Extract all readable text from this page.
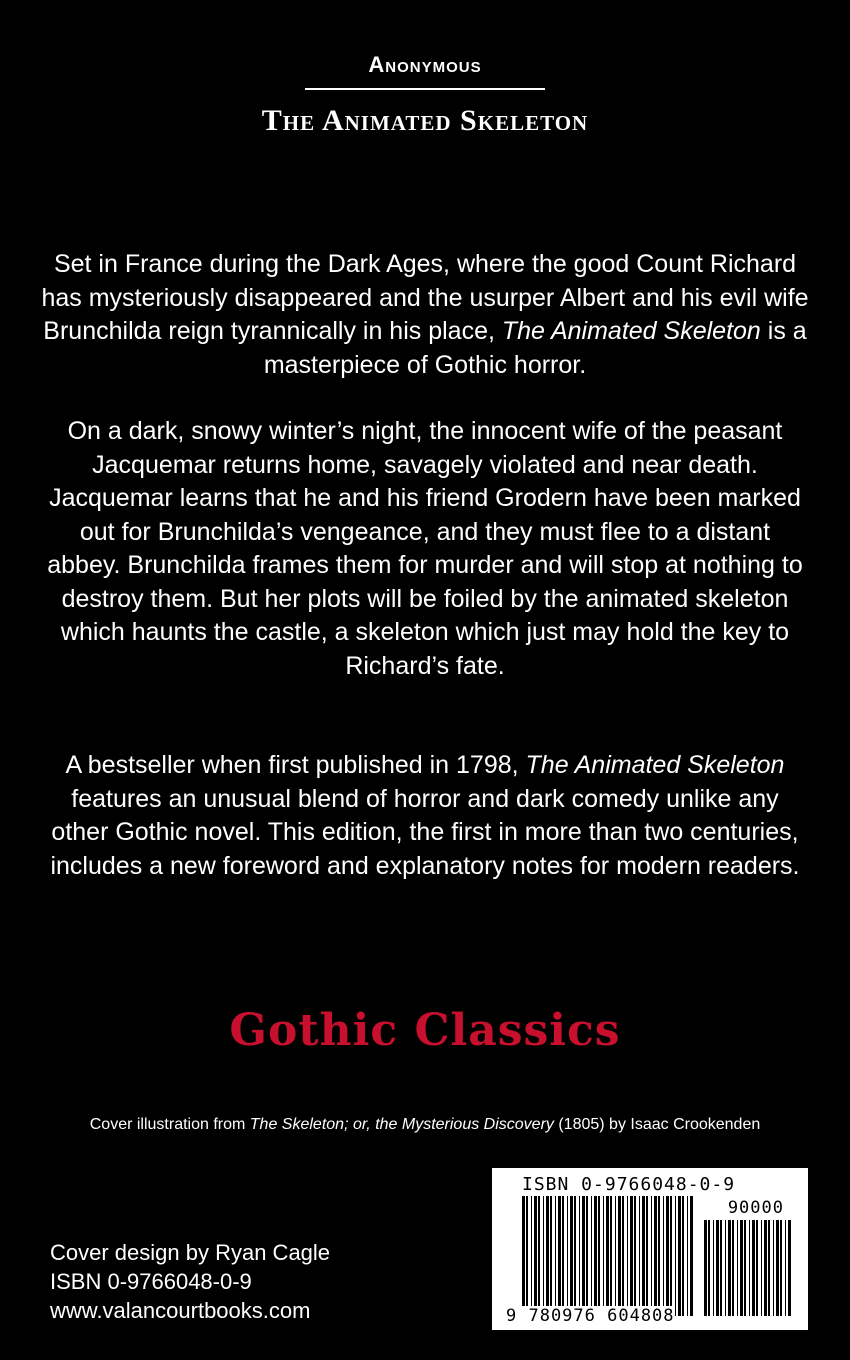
Anonymous
The Animated Skeleton
Set in France during the Dark Ages, where the good Count Richard has mysteriously disappeared and the usurper Albert and his evil wife Brunchilda reign tyrannically in his place, The Animated Skeleton is a masterpiece of Gothic horror.
On a dark, snowy winter’s night, the innocent wife of the peasant Jacquemar returns home, savagely violated and near death. Jacquemar learns that he and his friend Grodern have been marked out for Brunchilda’s vengeance, and they must flee to a distant abbey. Brunchilda frames them for murder and will stop at nothing to destroy them. But her plots will be foiled by the animated skeleton which haunts the castle, a skeleton which just may hold the key to Richard’s fate.
A bestseller when first published in 1798, The Animated Skeleton features an unusual blend of horror and dark comedy unlike any other Gothic novel. This edition, the first in more than two centuries, includes a new foreword and explanatory notes for modern readers.
Gothic Classics
Cover illustration from The Skeleton; or, the Mysterious Discovery (1805) by Isaac Crookenden
Cover design by Ryan Cagle
ISBN 0-9766048-0-9
www.valancourtbooks.com
ISBN 0-9766048-0-9
90000
9 780976 604808
